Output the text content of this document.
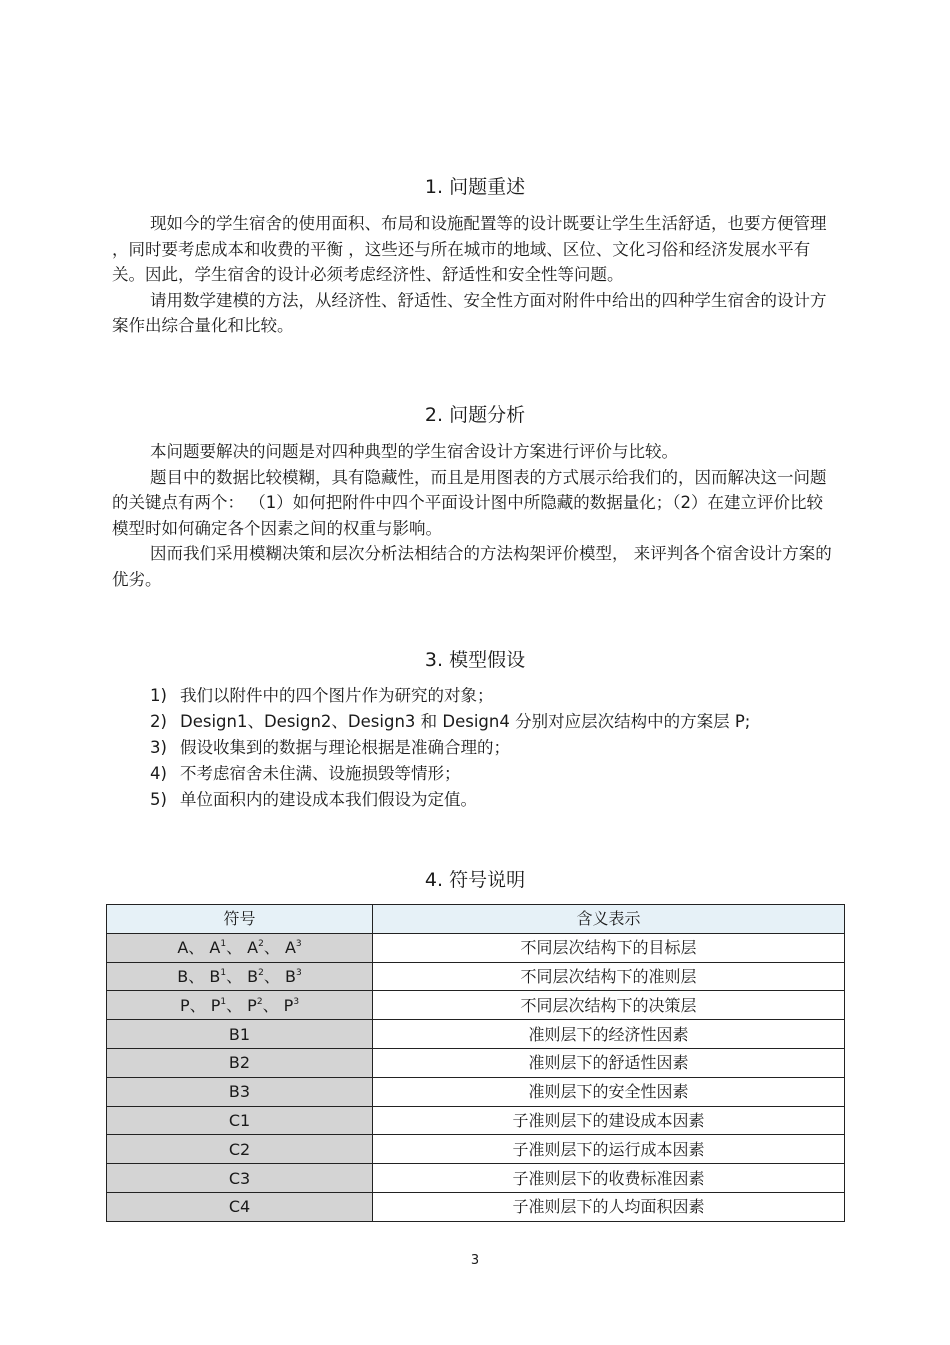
1. 问题重述

现如今的学生宿舍的使用面积、布局和设施配置等的设计既要让学生生活舒适，也要方便管理 ，同时要考虑成本和收费的平衡 ，这些还与所在城市的地域、区位、文化习俗和经济发展水平有关。因此，学生宿舍的设计必须考虑经济性、舒适性和安全性等问题。

请用数学建模的方法，从经济性、舒适性、安全性方面对附件中给出的四种学生宿舍的设计方案作出综合量化和比较。

2. 问题分析

本问题要解决的问题是对四种典型的学生宿舍设计方案进行评价与比较。

题目中的数据比较模糊，具有隐藏性，而且是用图表的方式展示给我们的，因而解决这一问题的关键点有两个： （1）如何把附件中四个平面设计图中所隐藏的数据量化；（2）在建立评价比较模型时如何确定各个因素之间的权重与影响。

因而我们采用模糊决策和层次分析法相结合的方法构架评价模型， 来评判各个宿舍设计方案的优劣。

3. 模型假设
1) 我们以附件中的四个图片作为研究的对象；
2) Design1、Design2、Design3 和 Design4 分别对应层次结构中的方案层 P;
3) 假设收集到的数据与理论根据是准确合理的；
4) 不考虑宿舍未住满、设施损毁等情形；
5) 单位面积内的建设成本我们假设为定值。
4. 符号说明
符号	含义表示
A、 $A^1$、 $A^2$、 $A^3$	不同层次结构下的目标层
B、 $B^1$、 $B^2$、 $B^3$	不同层次结构下的准则层
P、 $P^1$、 $P^2$、 $P^3$	不同层次结构下的决策层
B1	准则层下的经济性因素
B2	准则层下的舒适性因素
B3	准则层下的安全性因素
C1	子准则层下的建设成本因素
C2	子准则层下的运行成本因素
C3	子准则层下的收费标准因素
C4	子准则层下的人均面积因素
3
